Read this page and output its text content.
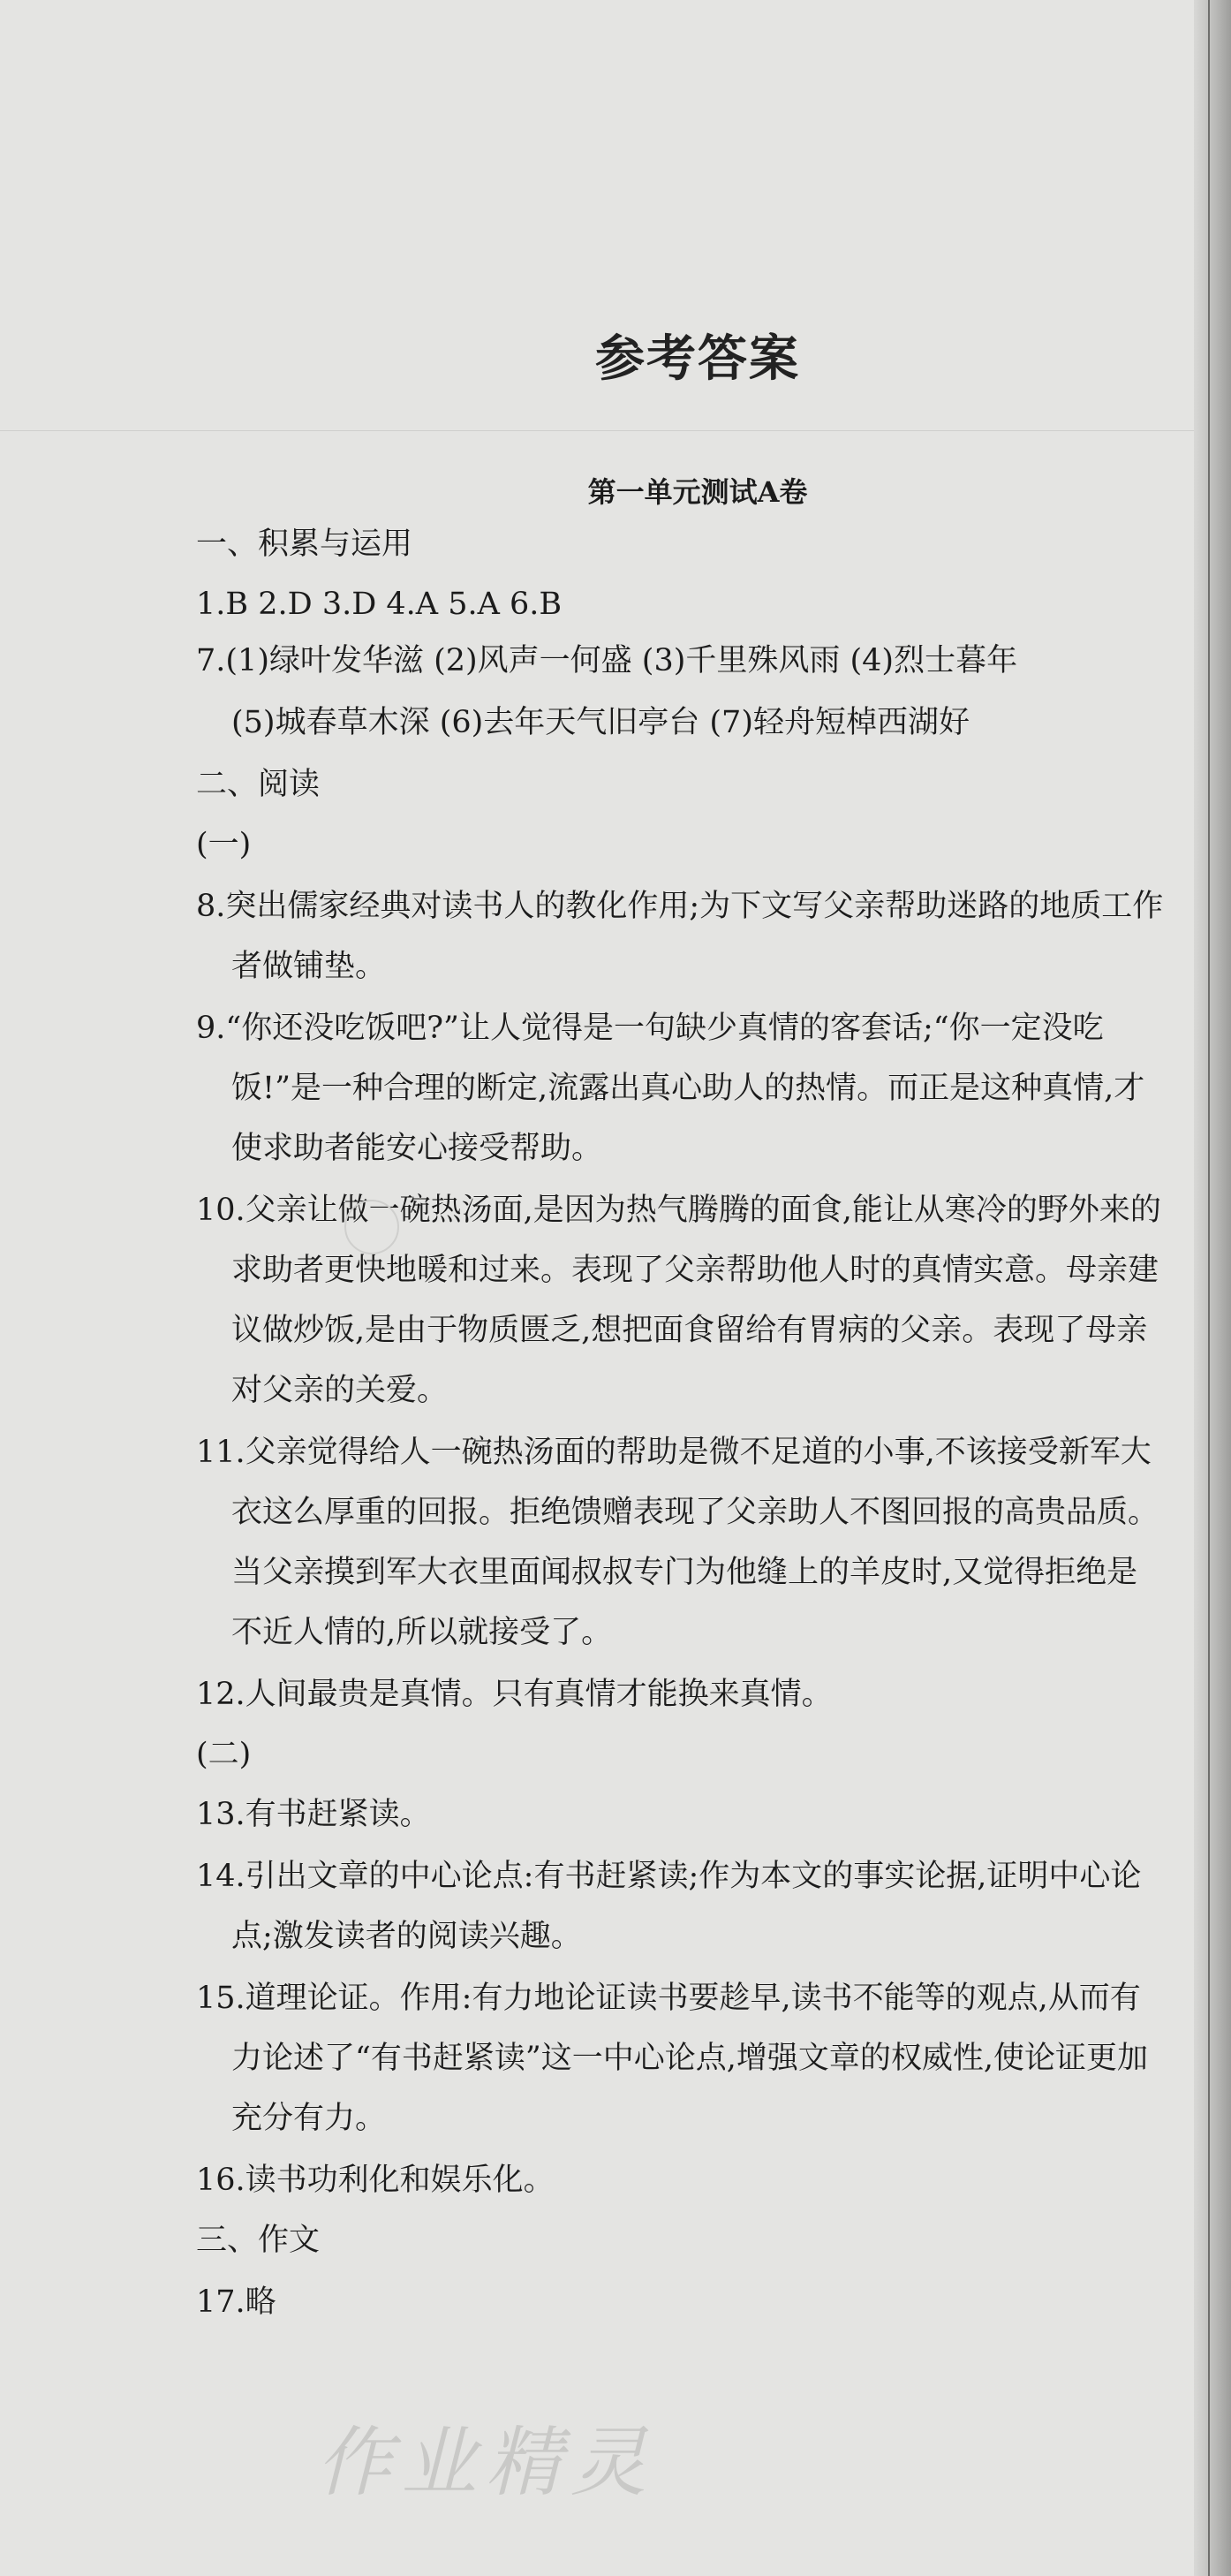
参考答案
第一单元测试A卷
一、积累与运用
1.B 2.D 3.D 4.A 5.A 6.B
7.(1)绿叶发华滋 (2)风声一何盛 (3)千里殊风雨 (4)烈士暮年
(5)城春草木深 (6)去年天气旧亭台 (7)轻舟短棹西湖好
二、阅读
(一)
8.突出儒家经典对读书人的教化作用;为下文写父亲帮助迷路的地质工作
者做铺垫。
9.“你还没吃饭吧?”让人觉得是一句缺少真情的客套话;“你一定没吃
饭!”是一种合理的断定,流露出真心助人的热情。而正是这种真情,才
使求助者能安心接受帮助。
10.父亲让做一碗热汤面,是因为热气腾腾的面食,能让从寒冷的野外来的
求助者更快地暖和过来。表现了父亲帮助他人时的真情实意。母亲建
议做炒饭,是由于物质匮乏,想把面食留给有胃病的父亲。表现了母亲
对父亲的关爱。
11.父亲觉得给人一碗热汤面的帮助是微不足道的小事,不该接受新军大
衣这么厚重的回报。拒绝馈赠表现了父亲助人不图回报的高贵品质。
当父亲摸到军大衣里面闻叔叔专门为他缝上的羊皮时,又觉得拒绝是
不近人情的,所以就接受了。
12.人间最贵是真情。只有真情才能换来真情。
(二)
13.有书赶紧读。
14.引出文章的中心论点:有书赶紧读;作为本文的事实论据,证明中心论
点;激发读者的阅读兴趣。
15.道理论证。作用:有力地论证读书要趁早,读书不能等的观点,从而有
力论述了“有书赶紧读”这一中心论点,增强文章的权威性,使论证更加
充分有力。
16.读书功利化和娱乐化。
三、作文
17.略
作业精灵
